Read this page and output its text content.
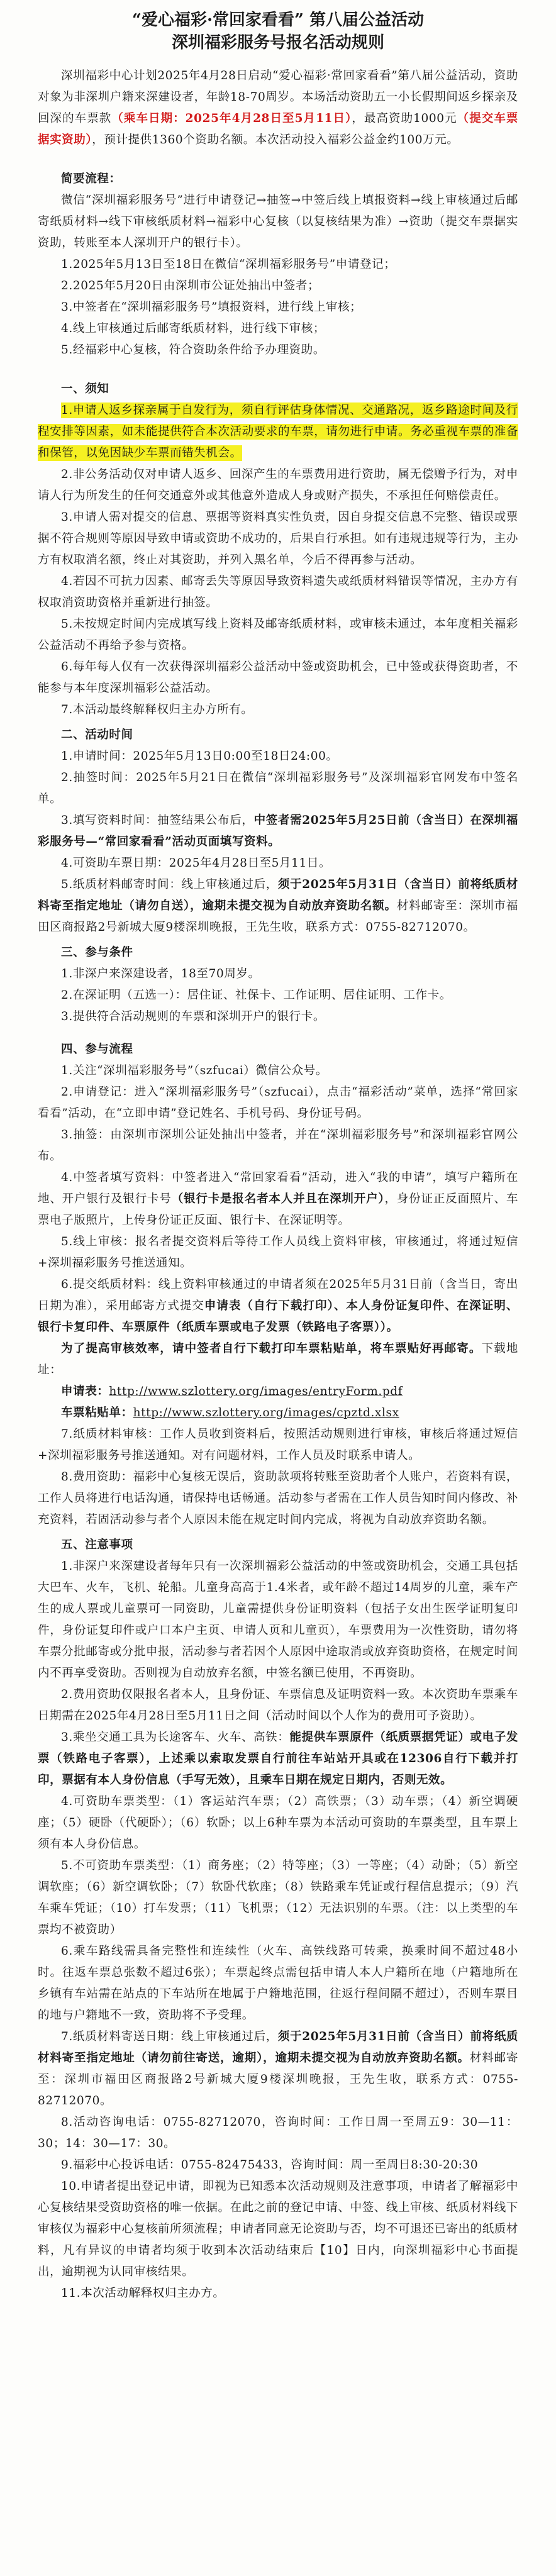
“爱心福彩·常回家看看” 第八届公益活动
深圳福彩服务号报名活动规则

深圳福彩中心计划2025年4月28日启动“爱心福彩·常回家看看”第八届公益活动，资助对象为非深圳户籍来深建设者，年龄18-70周岁。本场活动资助五一小长假期间返乡探亲及回深的车票款（乘车日期：2025年4月28日至5月11日），最高资助1000元（提交车票据实资助），预计提供1360个资助名额。本次活动投入福彩公益金约100万元。

简要流程：

微信“深圳福彩服务号”进行申请登记→抽签→中签后线上填报资料→线上审核通过后邮寄纸质材料→线下审核纸质材料→福彩中心复核（以复核结果为准）→资助（提交车票据实资助，转账至本人深圳开户的银行卡）。

1.2025年5月13日至18日在微信“深圳福彩服务号”申请登记；

2.2025年5月20日由深圳市公证处抽出中签者；

3.中签者在“深圳福彩服务号”填报资料，进行线上审核；

4.线上审核通过后邮寄纸质材料，进行线下审核；

5.经福彩中心复核，符合资助条件给予办理资助。

一、须知

1.申请人返乡探亲属于自发行为，须自行评估身体情况、交通路况，返乡路途时间及行程安排等因素，如未能提供符合本次活动要求的车票，请勿进行申请。务必重视车票的准备和保管，以免因缺少车票而错失机会。

2.非公务活动仅对申请人返乡、回深产生的车票费用进行资助，属无偿赠予行为，对申请人行为所发生的任何交通意外或其他意外造成人身或财产损失，不承担任何赔偿责任。

3.申请人需对提交的信息、票据等资料真实性负责，因自身提交信息不完整、错误或票据不符合规则等原因导致申请或资助不成功的，后果自行承担。如有违规违规等行为，主办方有权取消名额，终止对其资助，并列入黑名单，今后不得再参与活动。

4.若因不可抗力因素、邮寄丢失等原因导致资料遗失或纸质材料错误等情况，主办方有权取消资助资格并重新进行抽签。

5.未按规定时间内完成填写线上资料及邮寄纸质材料，或审核未通过，本年度相关福彩公益活动不再给予参与资格。

6.每年每人仅有一次获得深圳福彩公益活动中签或资助机会，已中签或获得资助者，不能参与本年度深圳福彩公益活动。

7.本活动最终解释权归主办方所有。

二、活动时间

1.申请时间：2025年5月13日0:00至18日24:00。

2.抽签时间：2025年5月21日在微信“深圳福彩服务号”及深圳福彩官网发布中签名单。

3.填写资料时间：抽签结果公布后，中签者需2025年5月25日前（含当日）在深圳福彩服务号—“常回家看看”活动页面填写资料。

4.可资助车票日期：2025年4月28日至5月11日。

5.纸质材料邮寄时间：线上审核通过后，须于2025年5月31日（含当日）前将纸质材料寄至指定地址（请勿自送），逾期未提交视为自动放弃资助名额。材料邮寄至：深圳市福田区商报路2号新城大厦9楼深圳晚报，王先生收，联系方式：0755-82712070。

三、参与条件

1.非深户来深建设者，18至70周岁。

2.在深证明（五选一）：居住证、社保卡、工作证明、居住证明、工作卡。

3.提供符合活动规则的车票和深圳开户的银行卡。

四、参与流程

1.关注“深圳福彩服务号”（szfucai）微信公众号。

2.申请登记：进入“深圳福彩服务号”（szfucai），点击“福彩活动”菜单，选择“常回家看看”活动，在“立即申请”登记姓名、手机号码、身份证号码。

3.抽签：由深圳市深圳公证处抽出中签者，并在“深圳福彩服务号”和深圳福彩官网公布。

4.中签者填写资料：中签者进入“常回家看看”活动，进入“我的申请”，填写户籍所在地、开户银行及银行卡号（银行卡是报名者本人并且在深圳开户），身份证正反面照片、车票电子版照片，上传身份证正反面、银行卡、在深证明等。

5.线上审核：报名者提交资料后等待工作人员线上资料审核，审核通过，将通过短信+深圳福彩服务号推送通知。

6.提交纸质材料：线上资料审核通过的申请者须在2025年5月31日前（含当日，寄出日期为准），采用邮寄方式提交申请表（自行下载打印）、本人身份证复印件、在深证明、银行卡复印件、车票原件（纸质车票或电子发票（铁路电子客票））。

为了提高审核效率，请中签者自行下载打印车票粘贴单，将车票贴好再邮寄。下载地址：

申请表：http://www.szlottery.org/images/entryForm.pdf

车票粘贴单：http://www.szlottery.org/images/cpztd.xlsx

7.纸质材料审核：工作人员收到资料后，按照活动规则进行审核，审核后将通过短信+深圳福彩服务号推送通知。对有问题材料，工作人员及时联系申请人。

8.费用资助：福彩中心复核无误后，资助款项将转账至资助者个人账户，若资料有误，工作人员将进行电话沟通，请保持电话畅通。活动参与者需在工作人员告知时间内修改、补充资料，若固活动参与者个人原因未能在规定时间内完成，将视为自动放弃资助名额。

五、注意事项

1.非深户来深建设者每年只有一次深圳福彩公益活动的中签或资助机会，交通工具包括大巴车、火车，飞机、轮船。儿童身高高于1.4米者，或年龄不超过14周岁的儿童，乘车产生的成人票或儿童票可一同资助，儿童需提供身份证明资料（包括子女出生医学证明复印件，身份证复印件或户口本户主页、申请人页和儿童页），车票费用为一次性资助，请勿将车票分批邮寄或分批申报，活动参与者若因个人原因中途取消或放弃资助资格，在规定时间内不再享受资助。否则视为自动放弃名额，中签名额已使用，不再资助。

2.费用资助仅限报名者本人，且身份证、车票信息及证明资料一致。本次资助车票乘车日期需在2025年4月28日至5月11日之间（活动时间以个人作为的费用可予资助）。

3.乘坐交通工具为长途客车、火车、高铁：能提供车票原件（纸质票据凭证）或电子发票（铁路电子客票），上述乘以索取发票自行前往车站站开具或在12306自行下载并打印，票据有本人身份信息（手写无效），且乘车日期在规定日期内，否则无效。

4.可资助车票类型：（1）客运站汽车票；（2）高铁票；（3）动车票；（4）新空调硬座；（5）硬卧（代硬卧）；（6）软卧；以上6种车票为本活动可资助的车票类型，且车票上须有本人身份信息。

5.不可资助车票类型：（1）商务座；（2）特等座；（3）一等座；（4）动卧；（5）新空调软座；（6）新空调软卧；（7）软卧代软座；（8）铁路乘车凭证或行程信息提示；（9）汽车乘车凭证；（10）打车发票；（11）飞机票；（12）无法识别的车票。（注：以上类型的车票均不被资助）

6.乘车路线需具备完整性和连续性（火车、高铁线路可转乘，换乘时间不超过48小时。往返车票总张数不超过6张）；车票起终点需包括申请人本人户籍所在地（户籍地所在乡镇有车站需在站点的下车站所在地属于户籍地范围，往返行程间隔不超过），否则车票目的地与户籍地不一致，资助将不予受理。

7.纸质材料寄送日期：线上审核通过后，须于2025年5月31日前（含当日）前将纸质材料寄至指定地址（请勿前往寄送，逾期），逾期未提交视为自动放弃资助名额。材料邮寄至：深圳市福田区商报路2号新城大厦9楼深圳晚报，王先生收，联系方式：0755-82712070。

8.活动咨询电话：0755-82712070，咨询时间：工作日周一至周五9：30—11：30；14：30—17：30。

9.福彩中心投诉电话：0755-82475433，咨询时间：周一至周日8:30-20:30

10.申请者提出登记申请，即视为已知悉本次活动规则及注意事项，申请者了解福彩中心复核结果受资助资格的唯一依据。在此之前的登记申请、中签、线上审核、纸质材料线下审核仅为福彩中心复核前所须流程；申请者同意无论资助与否，均不可退还已寄出的纸质材料，凡有异议的申请者均须于收到本次活动结束后【10】日内，向深圳福彩中心书面提出，逾期视为认同审核结果。

11.本次活动解释权归主办方。
